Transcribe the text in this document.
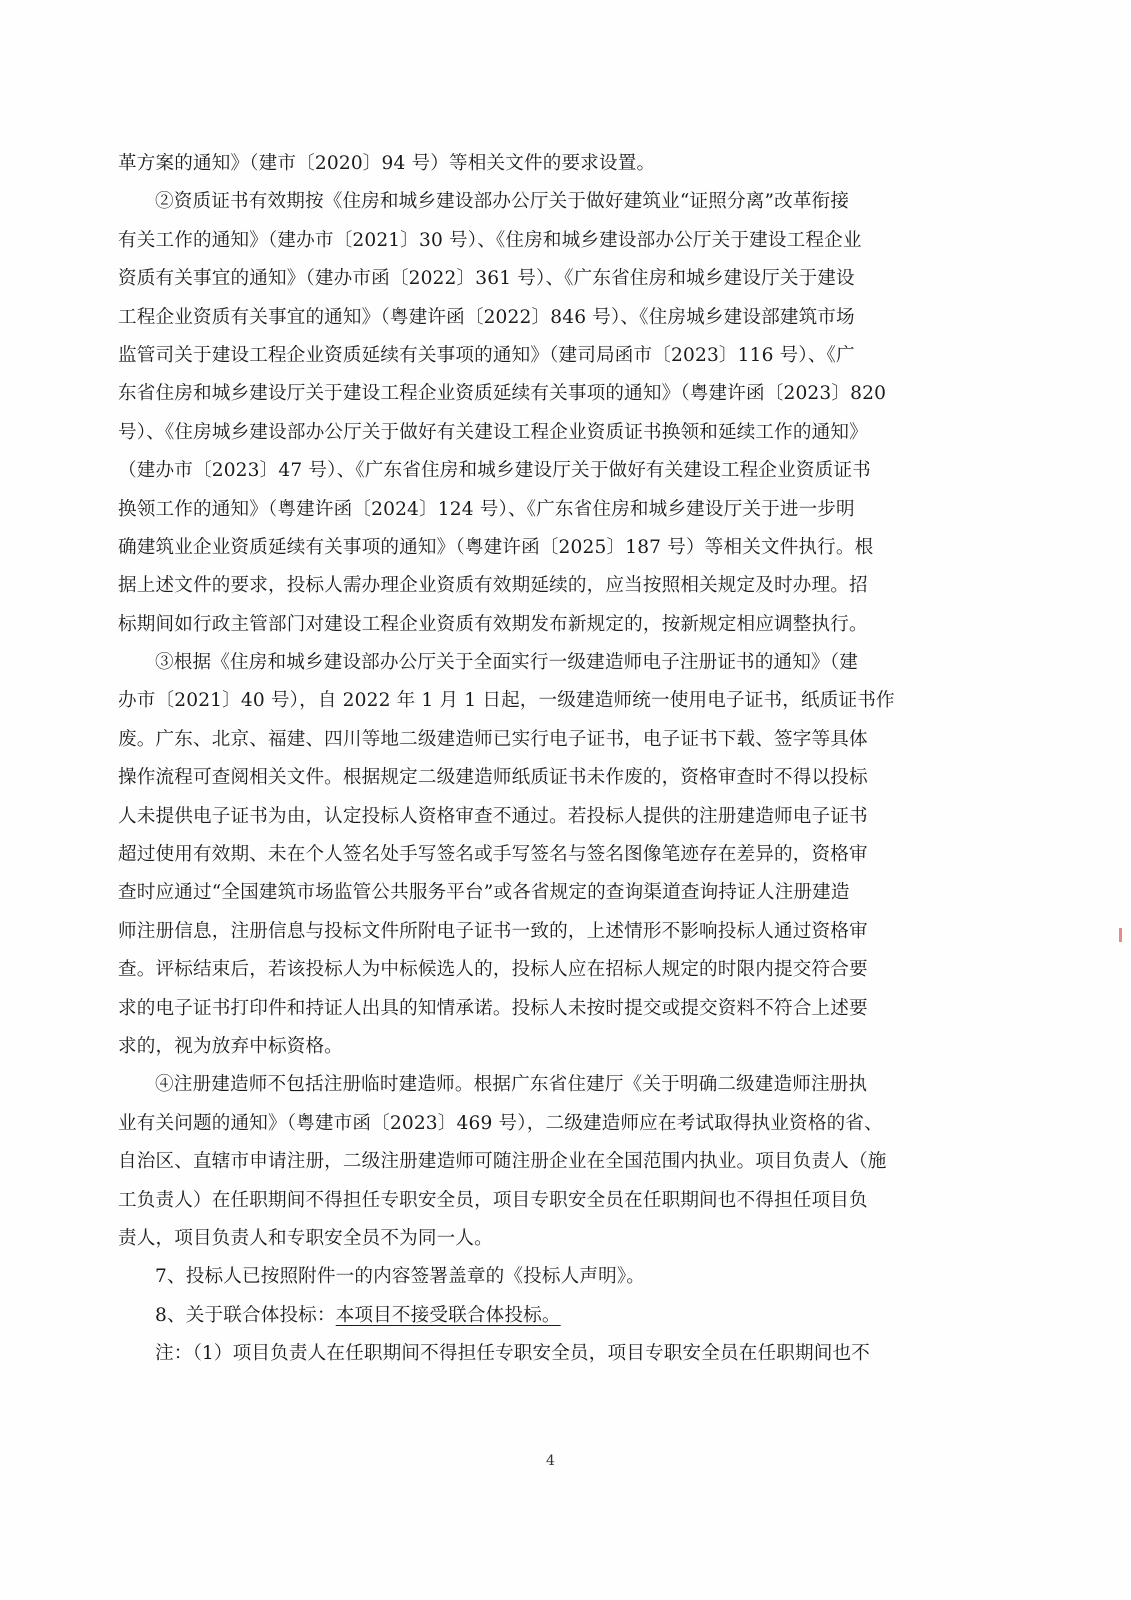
革方案的通知》（建市〔2020〕94 号）等相关文件的要求设置。
②资质证书有效期按《住房和城乡建设部办公厅关于做好建筑业“证照分离”改革衔接
有关工作的通知》（建办市〔2021〕30 号）、《住房和城乡建设部办公厅关于建设工程企业
资质有关事宜的通知》（建办市函〔2022〕361 号）、《广东省住房和城乡建设厅关于建设
工程企业资质有关事宜的通知》（粤建许函〔2022〕846 号）、《住房城乡建设部建筑市场
监管司关于建设工程企业资质延续有关事项的通知》（建司局函市〔2023〕116 号）、《广
东省住房和城乡建设厅关于建设工程企业资质延续有关事项的通知》（粤建许函〔2023〕820
号）、《住房城乡建设部办公厅关于做好有关建设工程企业资质证书换领和延续工作的通知》
（建办市〔2023〕47 号）、《广东省住房和城乡建设厅关于做好有关建设工程企业资质证书
换领工作的通知》（粤建许函〔2024〕124 号）、《广东省住房和城乡建设厅关于进一步明
确建筑业企业资质延续有关事项的通知》（粤建许函〔2025〕187 号）等相关文件执行。根
据上述文件的要求，投标人需办理企业资质有效期延续的，应当按照相关规定及时办理。招
标期间如行政主管部门对建设工程企业资质有效期发布新规定的，按新规定相应调整执行。
③根据《住房和城乡建设部办公厅关于全面实行一级建造师电子注册证书的通知》（建
办市〔2021〕40 号），自 2022 年 1 月 1 日起，一级建造师统一使用电子证书，纸质证书作
废。广东、北京、福建、四川等地二级建造师已实行电子证书，电子证书下载、签字等具体
操作流程可查阅相关文件。根据规定二级建造师纸质证书未作废的，资格审查时不得以投标
人未提供电子证书为由，认定投标人资格审查不通过。若投标人提供的注册建造师电子证书
超过使用有效期、未在个人签名处手写签名或手写签名与签名图像笔迹存在差异的，资格审
查时应通过“全国建筑市场监管公共服务平台”或各省规定的查询渠道查询持证人注册建造
师注册信息，注册信息与投标文件所附电子证书一致的，上述情形不影响投标人通过资格审
查。评标结束后，若该投标人为中标候选人的，投标人应在招标人规定的时限内提交符合要
求的电子证书打印件和持证人出具的知情承诺。投标人未按时提交或提交资料不符合上述要
求的，视为放弃中标资格。
④注册建造师不包括注册临时建造师。根据广东省住建厅《关于明确二级建造师注册执
业有关问题的通知》（粤建市函〔2023〕469 号），二级建造师应在考试取得执业资格的省、
自治区、直辖市申请注册，二级注册建造师可随注册企业在全国范围内执业。项目负责人（施
工负责人）在任职期间不得担任专职安全员，项目专职安全员在任职期间也不得担任项目负
责人，项目负责人和专职安全员不为同一人。
7、投标人已按照附件一的内容签署盖章的《投标人声明》。
8、关于联合体投标：本项目不接受联合体投标。
注：（1）项目负责人在任职期间不得担任专职安全员，项目专职安全员在任职期间也不
4
